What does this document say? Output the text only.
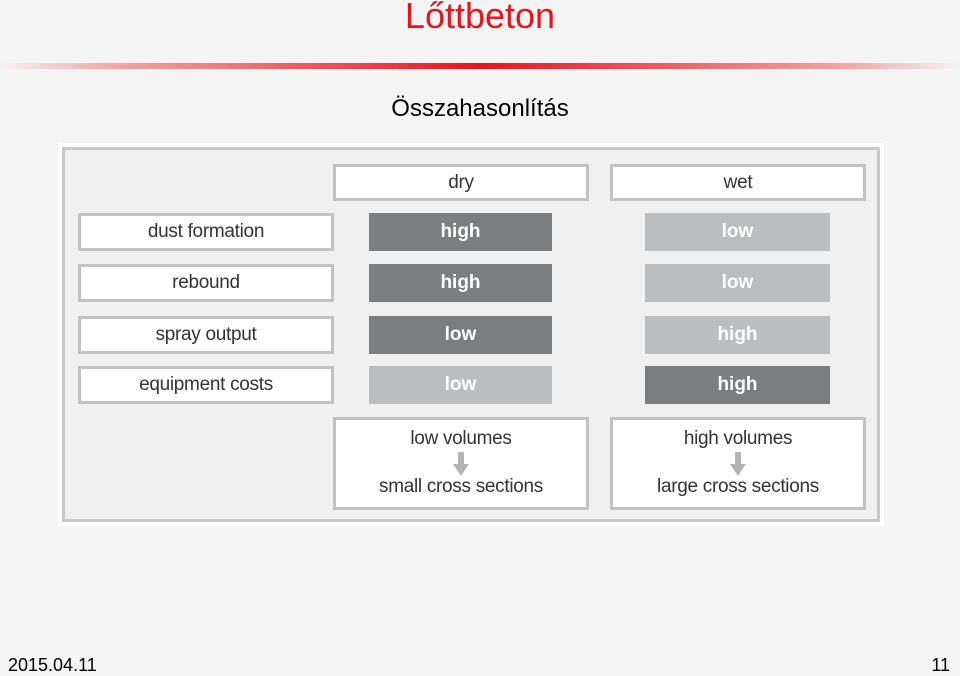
Lőttbeton
Összahasonlítás
dry	wet
dust formation
rebound
spray output
equipment costs
high
high
low
low
low
low
high
high
low volumes
small cross sections
high volumes
large cross sections
2015.04.11	11
